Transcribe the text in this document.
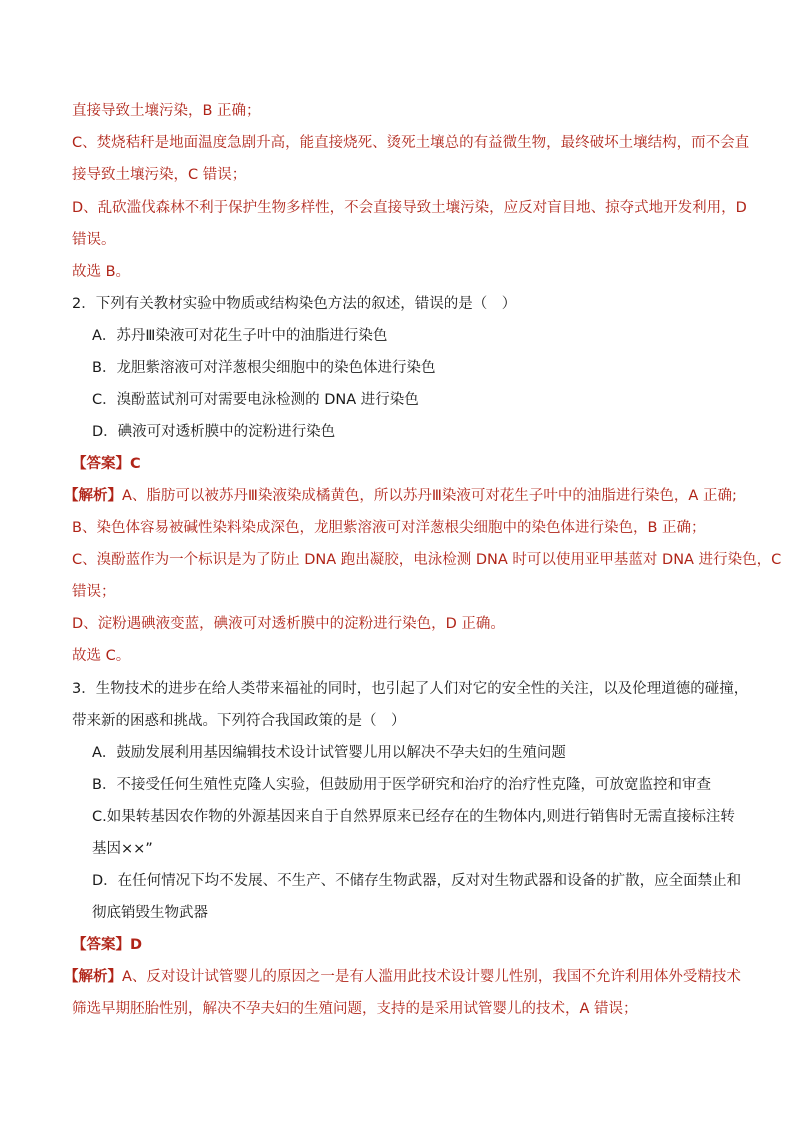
直接导致土壤污染，B 正确；
C、焚烧秸秆是地面温度急剧升高，能直接烧死、烫死土壤总的有益微生物，最终破坏土壤结构，而不会直
接导致土壤污染，C 错误；
D、乱砍滥伐森林不利于保护生物多样性，不会直接导致土壤污染，应反对盲目地、掠夺式地开发利用，D
错误。
故选 B。
2．下列有关教材实验中物质或结构染色方法的叙述，错误的是（　）
A．苏丹Ⅲ染液可对花生子叶中的油脂进行染色
B．龙胆紫溶液可对洋葱根尖细胞中的染色体进行染色
C．溴酚蓝试剂可对需要电泳检测的 DNA 进行染色
D．碘液可对透析膜中的淀粉进行染色
【答案】C
【解析】A、脂肪可以被苏丹Ⅲ染液染成橘黄色，所以苏丹Ⅲ染液可对花生子叶中的油脂进行染色，A 正确;
B、染色体容易被碱性染料染成深色，龙胆紫溶液可对洋葱根尖细胞中的染色体进行染色，B 正确；
C、溴酚蓝作为一个标识是为了防止 DNA 跑出凝胶，电泳检测 DNA 时可以使用亚甲基蓝对 DNA 进行染色，C
错误；
D、淀粉遇碘液变蓝，碘液可对透析膜中的淀粉进行染色，D 正确。
故选 C。
3．生物技术的进步在给人类带来福祉的同时，也引起了人们对它的安全性的关注，以及伦理道德的碰撞，
带来新的困惑和挑战。下列符合我国政策的是（　）
A．鼓励发展利用基因编辑技术设计试管婴儿用以解决不孕夫妇的生殖问题
B．不接受任何生殖性克隆人实验，但鼓励用于医学研究和治疗的治疗性克隆，可放宽监控和审查
C.如果转基因农作物的外源基因来自于自然界原来已经存在的生物体内,则进行销售时无需直接标注转
基因××”
D．在任何情况下均不发展、不生产、不储存生物武器，反对对生物武器和设备的扩散，应全面禁止和
彻底销毁生物武器
【答案】D
【解析】A、反对设计试管婴儿的原因之一是有人滥用此技术设计婴儿性别，我国不允许利用体外受精技术
筛选早期胚胎性别，解决不孕夫妇的生殖问题，支持的是采用试管婴儿的技术，A 错误；
